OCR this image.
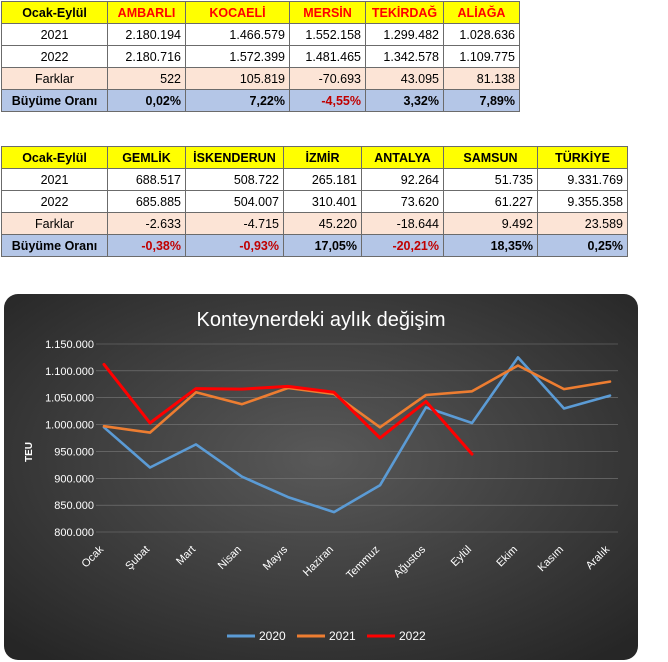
Ocak-Eylül	AMBARLI	KOCAELİ	MERSİN	TEKİRDAĞ	ALİAĞA
2021	2.180.194	1.466.579	1.552.158	1.299.482	1.028.636
2022	2.180.716	1.572.399	1.481.465	1.342.578	1.109.775
Farklar	522	105.819	-70.693	43.095	81.138
Büyüme Oranı	0,02%	7,22%	-4,55%	3,32%	7,89%
Ocak-Eylül	GEMLİK	İSKENDERUN	İZMİR	ANTALYA	SAMSUN	TÜRKİYE
2021	688.517	508.722	265.181	92.264	51.735	9.331.769
2022	685.885	504.007	310.401	73.620	61.227	9.355.358
Farklar	-2.633	-4.715	45.220	-18.644	9.492	23.589
Büyüme Oranı	-0,38%	-0,93%	17,05%	-20,21%	18,35%	0,25%
Konteynerdeki aylık değişim
TEU
800.000
850.000
900.000
950.000
1.000.000
1.050.000
1.100.000
1.150.000
Ocak Şubat Mart Nisan Mayıs Haziran Temmuz Ağustos Eylül Ekim Kasım Aralık
2020	2021	2022
